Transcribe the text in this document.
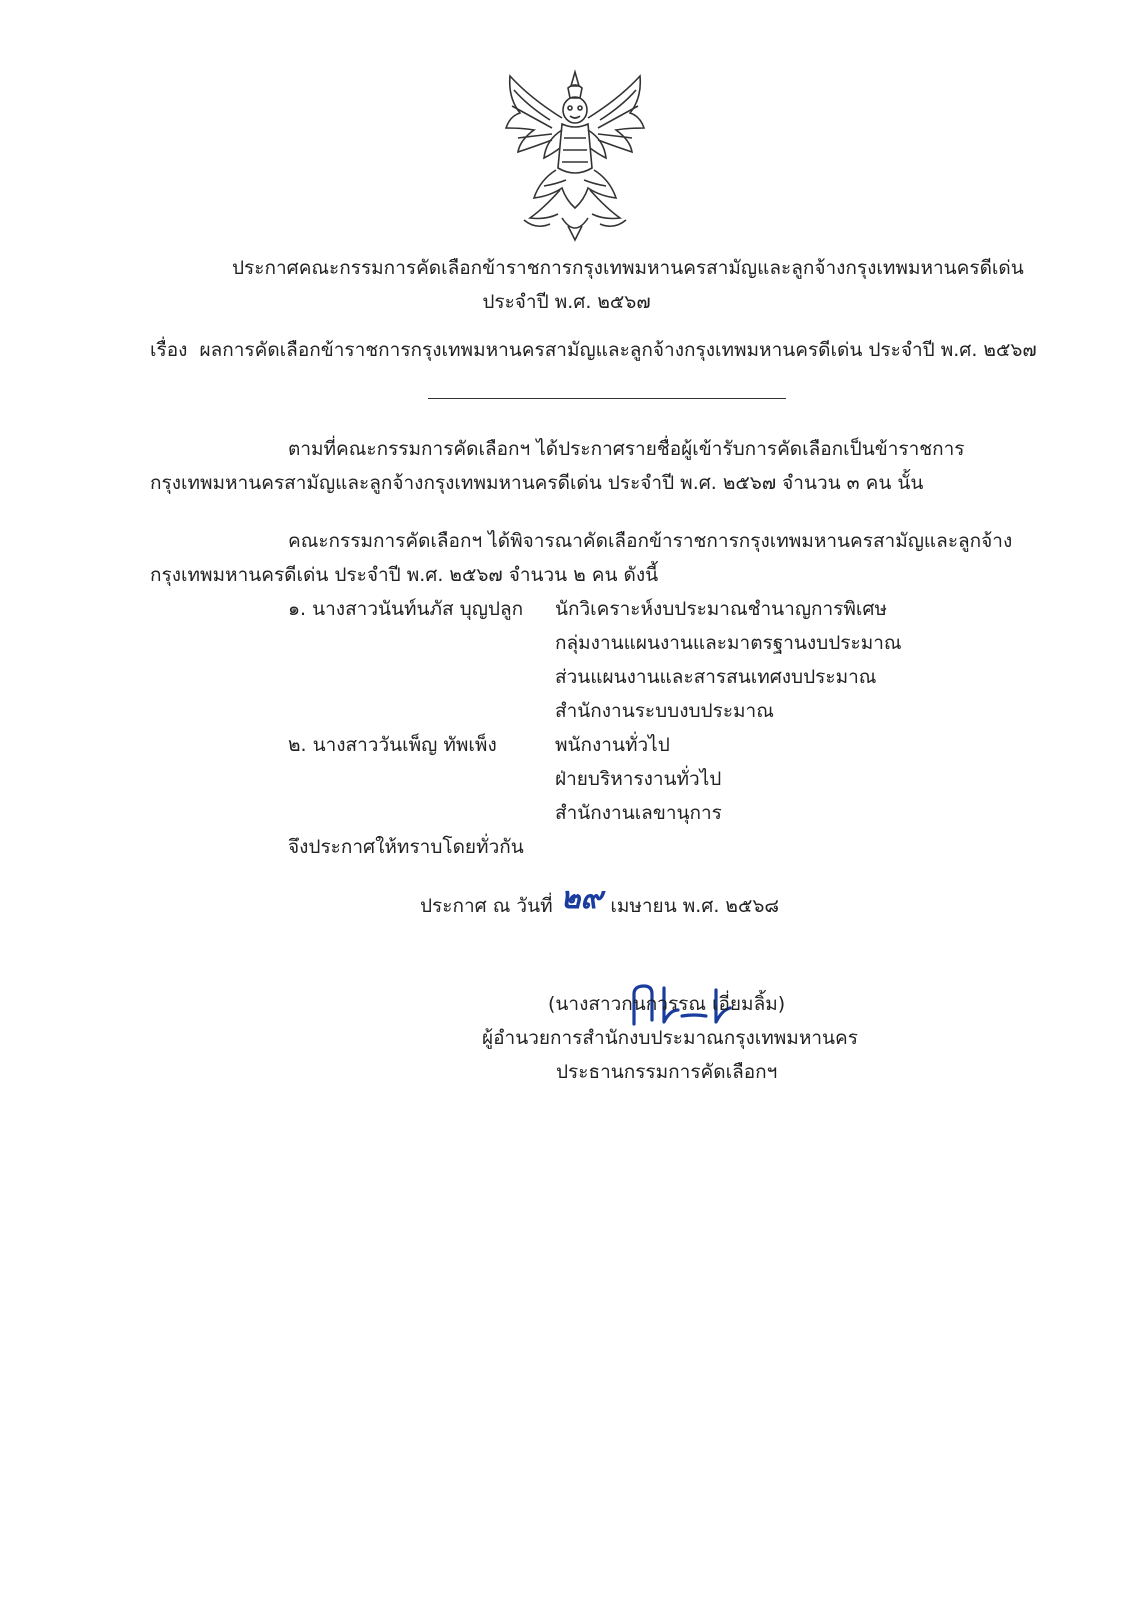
ประกาศคณะกรรมการคัดเลือกข้าราชการกรุงเทพมหานครสามัญและลูกจ้างกรุงเทพมหานครดีเด่น
ประจำปี พ.ศ. ๒๕๖๗
เรื่อง ผลการคัดเลือกข้าราชการกรุงเทพมหานครสามัญและลูกจ้างกรุงเทพมหานครดีเด่น ประจำปี พ.ศ. ๒๕๖๗
ตามที่คณะกรรมการคัดเลือกฯ ได้ประกาศรายชื่อผู้เข้ารับการคัดเลือกเป็นข้าราชการ
กรุงเทพมหานครสามัญและลูกจ้างกรุงเทพมหานครดีเด่น ประจำปี พ.ศ. ๒๕๖๗ จำนวน ๓ คน นั้น
คณะกรรมการคัดเลือกฯ ได้พิจารณาคัดเลือกข้าราชการกรุงเทพมหานครสามัญและลูกจ้าง
กรุงเทพมหานครดีเด่น ประจำปี พ.ศ. ๒๕๖๗ จำนวน ๒ คน ดังนี้
๑. นางสาวนันท์นภัส บุญปลูก นักวิเคราะห์งบประมาณชำนาญการพิเศษ
กลุ่มงานแผนงานและมาตรฐานงบประมาณ
ส่วนแผนงานและสารสนเทศงบประมาณ
สำนักงานระบบงบประมาณ
๒. นางสาววันเพ็ญ ทัพเพ็ง	พนักงานทั่วไป
ฝ่ายบริหารงานทั่วไป
สำนักงานเลขานุการ
จึงประกาศให้ทราบโดยทั่วกัน
ประกาศ ณ วันที่ ๒๙ เมษายน พ.ศ. ๒๕๖๘
(นางสาวกนกวรรณ เอี่ยมลิ้ม)
ผู้อำนวยการสำนักงบประมาณกรุงเทพมหานคร
ประธานกรรมการคัดเลือกฯ
